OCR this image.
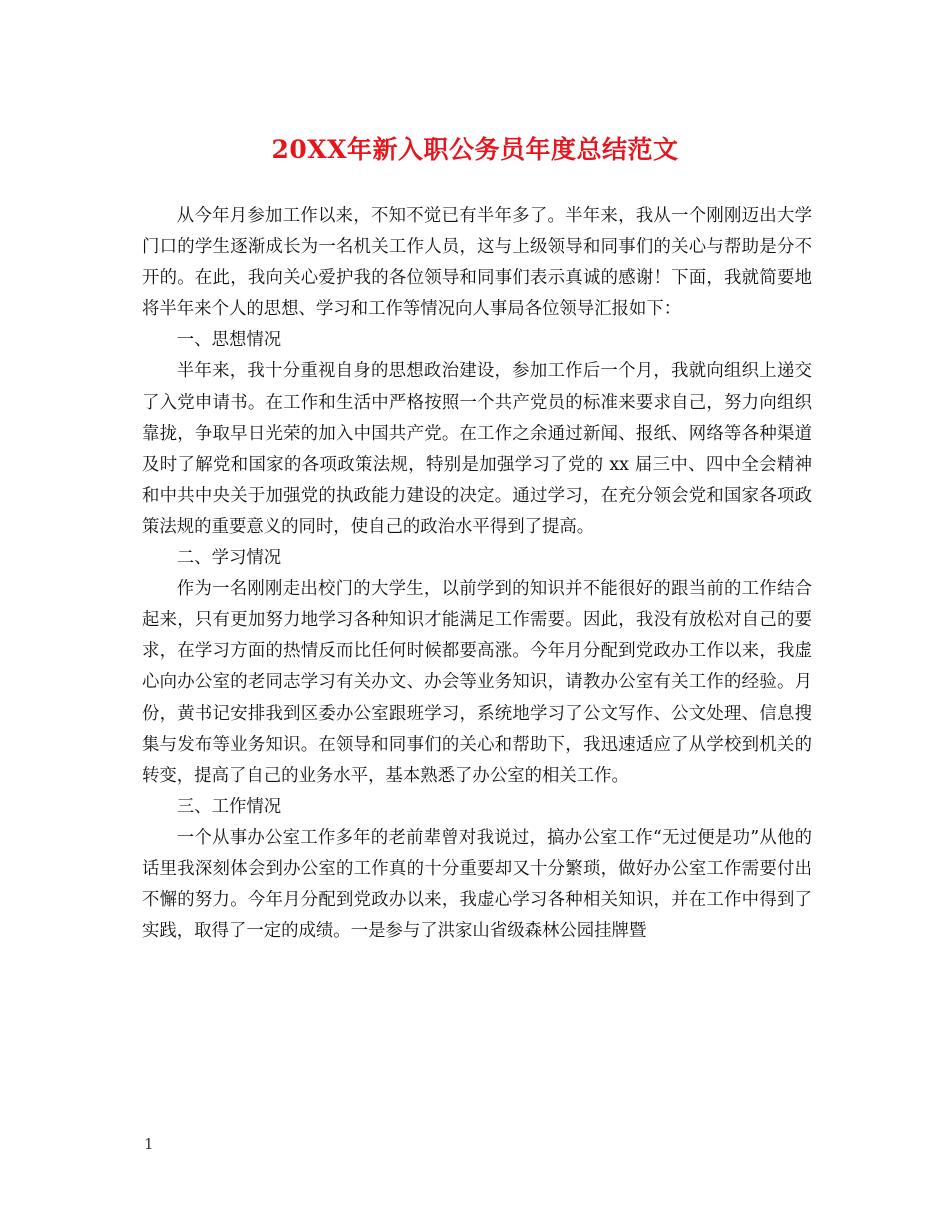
20XX年新入职公务员年度总结范文

从今年月参加工作以来，不知不觉已有半年多了。半年来，我从一个刚刚迈出大学门口的学生逐渐成长为一名机关工作人员，这与上级领导和同事们的关心与帮助是分不开的。在此，我向关心爱护我的各位领导和同事们表示真诚的感谢！下面，我就简要地将半年来个人的思想、学习和工作等情况向人事局各位领导汇报如下：

一、思想情况

半年来，我十分重视自身的思想政治建设，参加工作后一个月，我就向组织上递交了入党申请书。在工作和生活中严格按照一个共产党员的标准来要求自己，努力向组织靠拢，争取早日光荣的加入中国共产党。在工作之余通过新闻、报纸、网络等各种渠道及时了解党和国家的各项政策法规，特别是加强学习了党的 xx 届三中、四中全会精神和中共中央关于加强党的执政能力建设的决定。通过学习，在充分领会党和国家各项政策法规的重要意义的同时，使自己的政治水平得到了提高。

二、学习情况

作为一名刚刚走出校门的大学生，以前学到的知识并不能很好的跟当前的工作结合起来，只有更加努力地学习各种知识才能满足工作需要。因此，我没有放松对自己的要求，在学习方面的热情反而比任何时候都要高涨。今年月分配到党政办工作以来，我虚心向办公室的老同志学习有关办文、办会等业务知识，请教办公室有关工作的经验。月份，黄书记安排我到区委办公室跟班学习，系统地学习了公文写作、公文处理、信息搜集与发布等业务知识。在领导和同事们的关心和帮助下，我迅速适应了从学校到机关的转变，提高了自己的业务水平，基本熟悉了办公室的相关工作。

三、工作情况

一个从事办公室工作多年的老前辈曾对我说过，搞办公室工作“无过便是功”从他的话里我深刻体会到办公室的工作真的十分重要却又十分繁琐，做好办公室工作需要付出不懈的努力。今年月分配到党政办以来，我虚心学习各种相关知识，并在工作中得到了实践，取得了一定的成绩。一是参与了洪家山省级森林公园挂牌暨

1
